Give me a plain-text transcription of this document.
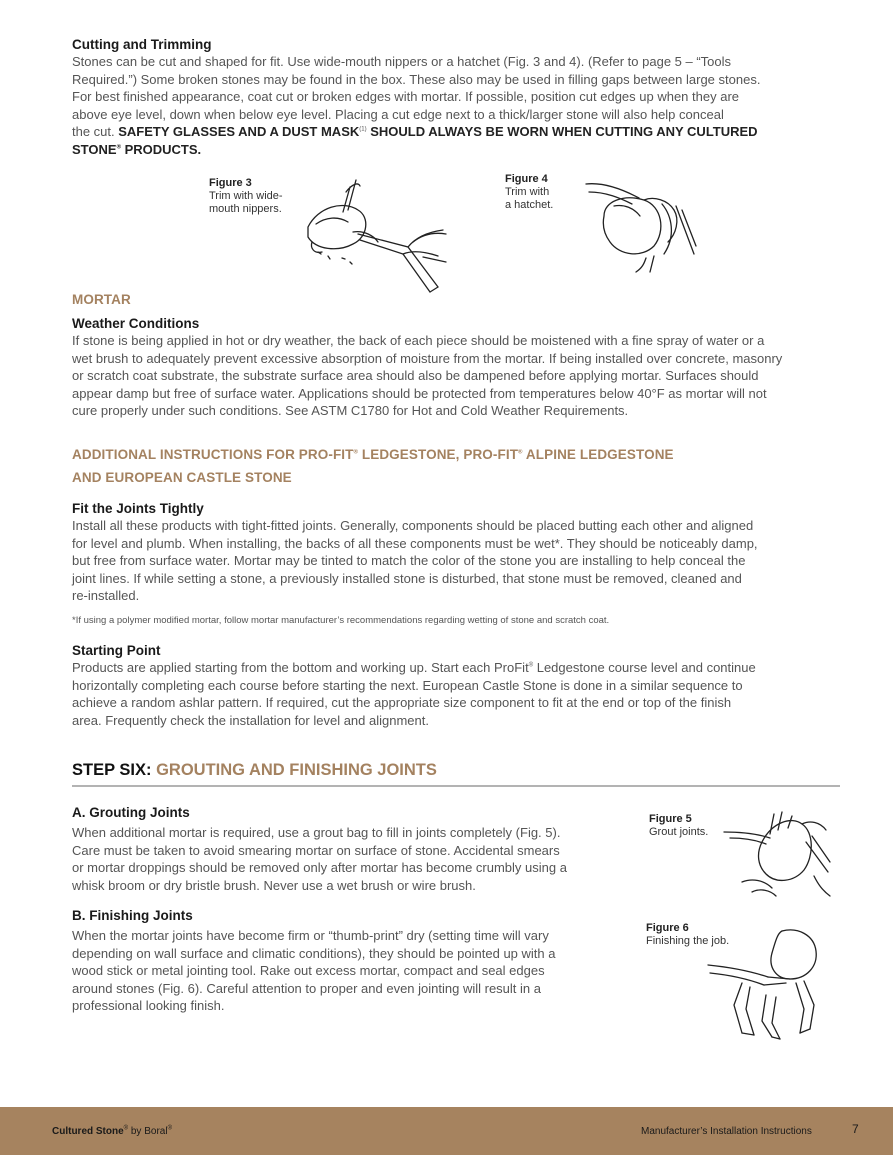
Cutting and Trimming

Stones can be cut and shaped for fit. Use wide-mouth nippers or a hatchet (Fig. 3 and 4). (Refer to page 5 – “Tools

Required.”) Some broken stones may be found in the box. These also may be used in filling gaps between large stones.

For best finished appearance, coat cut or broken edges with mortar. If possible, position cut edges up when they are

above eye level, down when below eye level. Placing a cut edge next to a thick/larger stone will also help conceal

the cut. SAFETY GLASSES AND A DUST MASK$^{(1)}$ SHOULD ALWAYS BE WORN WHEN CUTTING ANY CULTURED

STONE® PRODUCTS.

Figure 3
Trim with wide-
mouth nippers.
Figure 4
Trim with
a hatchet.
MORTAR
Weather Conditions

If stone is being applied in hot or dry weather, the back of each piece should be moistened with a fine spray of water or a

wet brush to adequately prevent excessive absorption of moisture from the mortar. If being installed over concrete, masonry

or scratch coat substrate, the substrate surface area should also be dampened before applying mortar. Surfaces should

appear damp but free of surface water. Applications should be protected from temperatures below 40°F as mortar will not

cure properly under such conditions. See ASTM C1780 for Hot and Cold Weather Requirements.

ADDITIONAL INSTRUCTIONS FOR PRO-FIT® LEDGESTONE, PRO-FIT® ALPINE LEDGESTONE
AND EUROPEAN CASTLE STONE
Fit the Joints Tightly

Install all these products with tight-fitted joints. Generally, components should be placed butting each other and aligned

for level and plumb. When installing, the backs of all these components must be wet*. They should be noticeably damp,

but free from surface water. Mortar may be tinted to match the color of the stone you are installing to help conceal the

joint lines. If while setting a stone, a previously installed stone is disturbed, that stone must be removed, cleaned and

re-installed.

*If using a polymer modified mortar, follow mortar manufacturer’s recommendations regarding wetting of stone and scratch coat.
Starting Point

Products are applied starting from the bottom and working up. Start each ProFit® Ledgestone course level and continue

horizontally completing each course before starting the next. European Castle Stone is done in a similar sequence to

achieve a random ashlar pattern. If required, cut the appropriate size component to fit at the end or top of the finish

area. Frequently check the installation for level and alignment.

STEP SIX: GROUTING AND FINISHING JOINTS
A. Grouting Joints

When additional mortar is required, use a grout bag to fill in joints completely (Fig. 5).

Care must be taken to avoid smearing mortar on surface of stone. Accidental smears

or mortar droppings should be removed only after mortar has become crumbly using a

whisk broom or dry bristle brush. Never use a wet brush or wire brush.

B. Finishing Joints

When the mortar joints have become firm or “thumb-print” dry (setting time will vary

depending on wall surface and climatic conditions), they should be pointed up with a

wood stick or metal jointing tool. Rake out excess mortar, compact and seal edges

around stones (Fig. 6). Careful attention to proper and even jointing will result in a

professional looking finish.

Figure 5
Grout joints.
Figure 6
Finishing the job.
Cultured Stone® by Boral®	Manufacturer’s Installation Instructions	7
